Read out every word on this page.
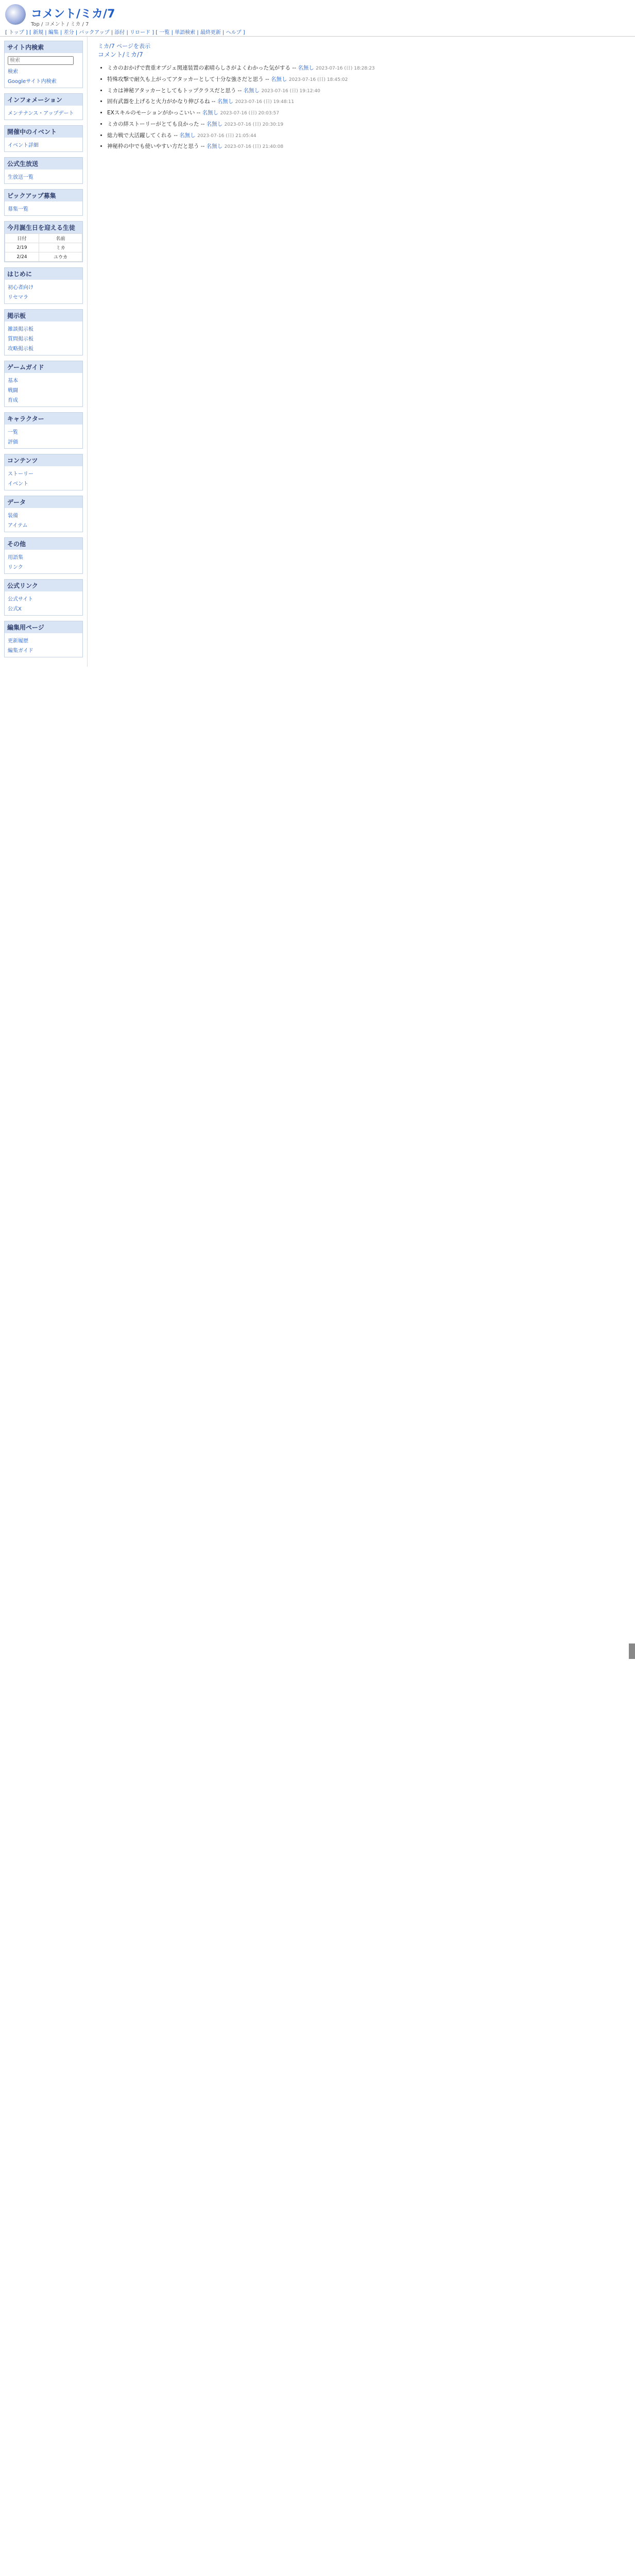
コメント/ミカ/7
Top / コメント / ミカ / 7
[ トップ ] [ 新規 | 編集 | 差分 | バックアップ | 添付 | リロード ] [ 一覧 | 単語検索 | 最終更新 | ヘルプ ]
サイト内検索
検索
検索
Googleサイト内検索
インフォメーション
メンテナンス・アップデート
開催中のイベント
イベント詳細
公式生放送
生放送一覧
ピックアップ募集
募集一覧
今月誕生日を迎える生徒
日付	名前
2/19	ミカ
2/24	ユウカ
はじめに
初心者向け
リセマラ
掲示板
雑談掲示板
質問掲示板
攻略掲示板
ゲームガイド
基本
戦闘
育成
キャラクター
一覧
評価
コンテンツ
ストーリー
イベント
データ
装備
アイテム
その他
用語集
リンク
公式リンク
公式サイト
公式X
編集用ページ
更新履歴
編集ガイド
ミカ/7 ページを表示
コメント/ミカ/7
• ミカのおかげで貴重オブジェ関連装置の素晴らしさがよくわかった気がする -- 名無し 2023-07-16 (日) 18:28:23
• 特殊攻撃で耐久も上がってアタッカーとして十分な強さだと思う -- 名無し 2023-07-16 (日) 18:45:02
• ミカは神秘アタッカーとしてもトップクラスだと思う -- 名無し 2023-07-16 (日) 19:12:40
• 固有武器を上げると火力がかなり伸びるね -- 名無し 2023-07-16 (日) 19:48:11
• EXスキルのモーションがかっこいい -- 名無し 2023-07-16 (日) 20:03:57
• ミカの絆ストーリーがとても良かった -- 名無し 2023-07-16 (日) 20:30:19
• 総力戦で大活躍してくれる -- 名無し 2023-07-16 (日) 21:05:44
• 神秘枠の中でも使いやすい方だと思う -- 名無し 2023-07-16 (日) 21:40:08
